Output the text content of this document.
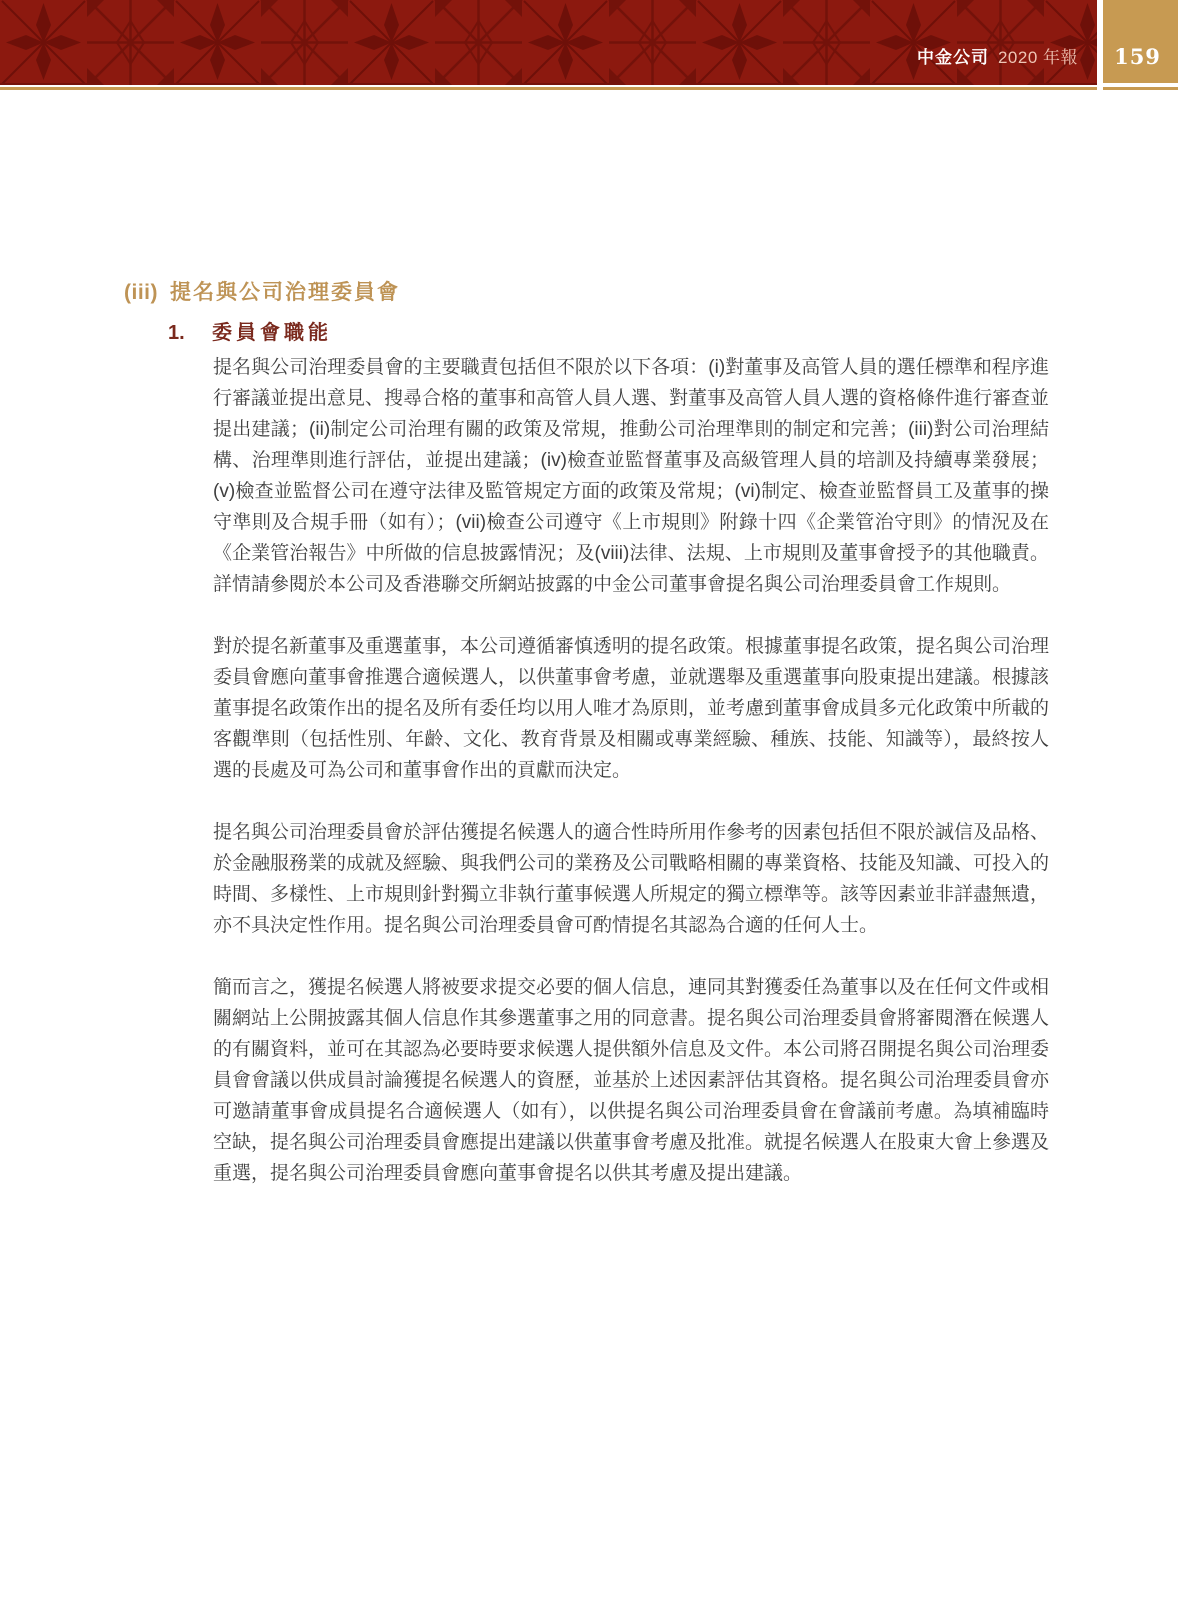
中金公司 2020 年報	159
(iii) 提名與公司治理委員會
1. 委員會職能

提名與公司治理委員會的主要職責包括但不限於以下各項：(i)對董事及高管人員的選任標準和程序進行審議並提出意見、搜尋合格的董事和高管人員人選、對董事及高管人員人選的資格條件進行審查並提出建議；(ii)制定公司治理有關的政策及常規，推動公司治理準則的制定和完善；(iii)對公司治理結構、治理準則進行評估，並提出建議；(iv)檢查並監督董事及高級管理人員的培訓及持續專業發展；(v)檢查並監督公司在遵守法律及監管規定方面的政策及常規；(vi)制定、檢查並監督員工及董事的操守準則及合規手冊（如有）；(vii)檢查公司遵守《上市規則》附錄十四《企業管治守則》的情況及在《企業管治報告》中所做的信息披露情況；及(viii)法律、法規、上市規則及董事會授予的其他職責。詳情請參閱於本公司及香港聯交所網站披露的中金公司董事會提名與公司治理委員會工作規則。

對於提名新董事及重選董事，本公司遵循審慎透明的提名政策。根據董事提名政策，提名與公司治理委員會應向董事會推選合適候選人，以供董事會考慮，並就選舉及重選董事向股東提出建議。根據該董事提名政策作出的提名及所有委任均以用人唯才為原則，並考慮到董事會成員多元化政策中所載的客觀準則（包括性別、年齡、文化、教育背景及相關或專業經驗、種族、技能、知識等），最終按人選的長處及可為公司和董事會作出的貢獻而決定。

提名與公司治理委員會於評估獲提名候選人的適合性時所用作參考的因素包括但不限於誠信及品格、於金融服務業的成就及經驗、與我們公司的業務及公司戰略相關的專業資格、技能及知識、可投入的時間、多樣性、上市規則針對獨立非執行董事候選人所規定的獨立標準等。該等因素並非詳盡無遺，亦不具決定性作用。提名與公司治理委員會可酌情提名其認為合適的任何人士。

簡而言之，獲提名候選人將被要求提交必要的個人信息，連同其對獲委任為董事以及在任何文件或相關網站上公開披露其個人信息作其參選董事之用的同意書。提名與公司治理委員會將審閱潛在候選人的有關資料，並可在其認為必要時要求候選人提供額外信息及文件。本公司將召開提名與公司治理委員會會議以供成員討論獲提名候選人的資歷，並基於上述因素評估其資格。提名與公司治理委員會亦可邀請董事會成員提名合適候選人（如有），以供提名與公司治理委員會在會議前考慮。為填補臨時空缺，提名與公司治理委員會應提出建議以供董事會考慮及批准。就提名候選人在股東大會上參選及重選，提名與公司治理委員會應向董事會提名以供其考慮及提出建議。
